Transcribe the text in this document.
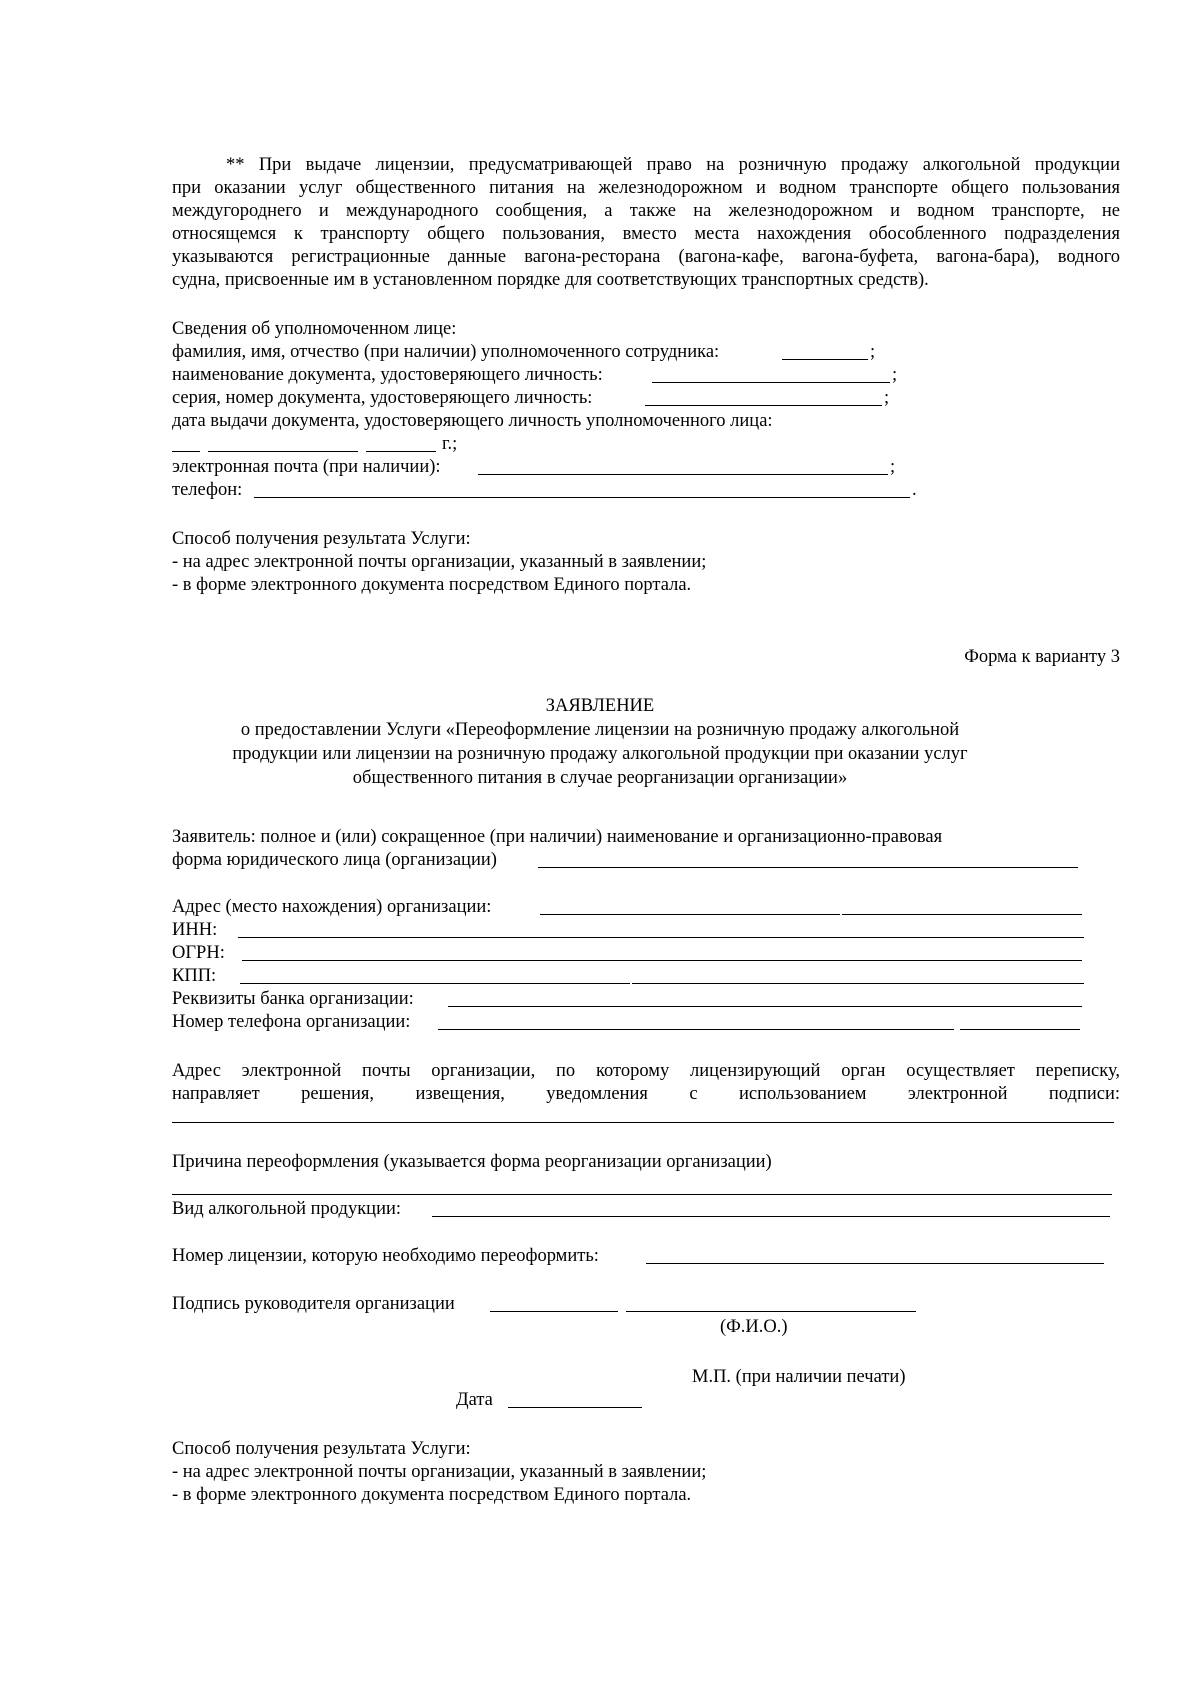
** При выдаче лицензии, предусматривающей право на розничную продажу алкогольной продукции
при оказании услуг общественного питания на железнодорожном и водном транспорте общего пользования
междугороднего и международного сообщения, а также на железнодорожном и водном транспорте, не
относящемся к транспорту общего пользования, вместо места нахождения обособленного подразделения
указываются регистрационные данные вагона-ресторана (вагона-кафе, вагона-буфета, вагона-бара), водного
судна, присвоенные им в установленном порядке для соответствующих транспортных средств).
Сведения об уполномоченном лице:
фамилия, имя, отчество (при наличии) уполномоченного сотрудника:	;
наименование документа, удостоверяющего личность:	;
серия, номер документа, удостоверяющего личность:	;
дата выдачи документа, удостоверяющего личность уполномоченного лица:
г.;
электронная почта (при наличии):	;
телефон:	.
Способ получения результата Услуги:
- на адрес электронной почты организации, указанный в заявлении;
- в форме электронного документа посредством Единого портала.
Форма к варианту 3
ЗАЯВЛЕНИЕ
о предоставлении Услуги «Переоформление лицензии на розничную продажу алкогольной
продукции или лицензии на розничную продажу алкогольной продукции при оказании услуг
общественного питания в случае реорганизации организации»
Заявитель: полное и (или) сокращенное (при наличии) наименование и организационно-правовая
форма юридического лица (организации)
Адрес (место нахождения) организации:
ИНН:
ОГРН:
КПП:
Реквизиты банка организации:
Номер телефона организации:
Адрес электронной почты организации, по которому лицензирующий орган осуществляет переписку,
направляет решения, извещения, уведомления с использованием электронной подписи:
Причина переоформления (указывается форма реорганизации организации)
Вид алкогольной продукции:
Номер лицензии, которую необходимо переоформить:
Подпись руководителя организации
(Ф.И.О.)
М.П. (при наличии печати)
Дата
Способ получения результата Услуги:
- на адрес электронной почты организации, указанный в заявлении;
- в форме электронного документа посредством Единого портала.
